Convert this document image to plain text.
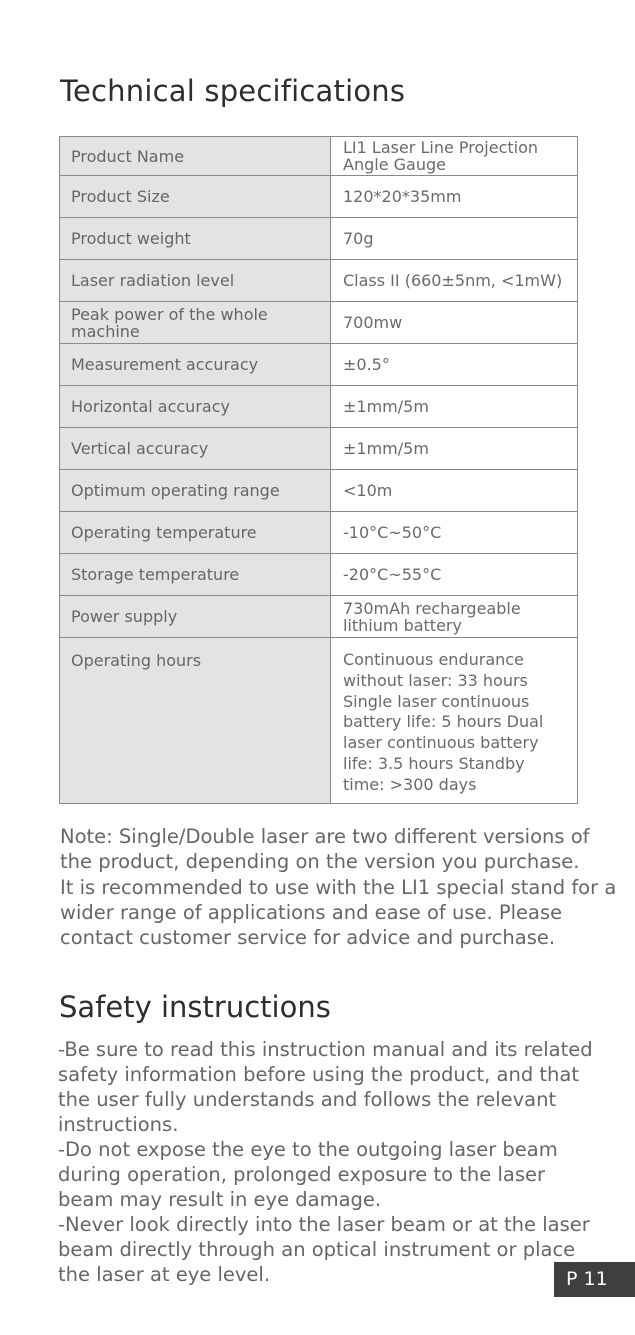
Technical specifications
Product Name	LI1 Laser Line Projection Angle Gauge
Product Size	120*20*35mm
Product weight	70g
Laser radiation level	Class II (660±5nm, <1mW)
Peak power of the whole machine	700mw
Measurement accuracy	±0.5°
Horizontal accuracy	±1mm/5m
Vertical accuracy	±1mm/5m
Optimum operating range	<10m
Operating temperature	-10°C~50°C
Storage temperature	-20°C~55°C
Power supply	730mAh rechargeable lithium battery
Operating hours	Continuous endurance without laser: 33 hours Single laser continuous battery life: 5 hours Dual laser continuous battery life: 3.5 hours Standby time: >300 days
Note: Single/Double laser are two different versions of the product, depending on the version you purchase.
It is recommended to use with the LI1 special stand for a wider range of applications and ease of use. Please contact customer service for advice and purchase.
Safety instructions

-Be sure to read this instruction manual and its related safety information before using the product, and that the user fully understands and follows the relevant instructions.

-Do not expose the eye to the outgoing laser beam during operation, prolonged exposure to the laser beam may result in eye damage.

-Never look directly into the laser beam or at the laser beam directly through an optical instrument or place the laser at eye level.	P 11
